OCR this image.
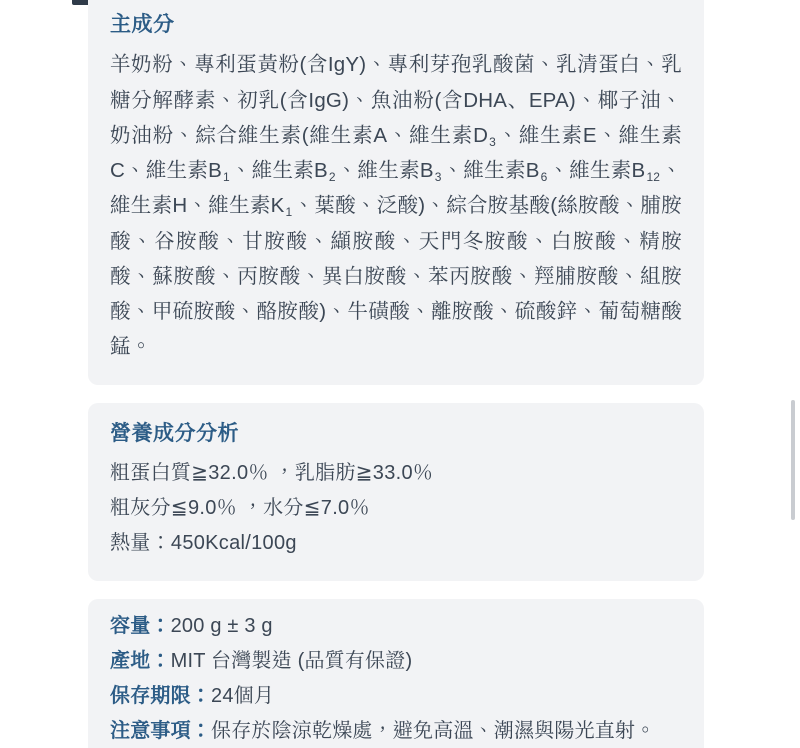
主成分
羊奶粉、專利蛋黃粉(含IgY)、專利芽孢乳酸菌、乳清蛋白、乳糖分解酵素、初乳(含IgG)、魚油粉(含DHA、EPA)、椰子油、奶油粉、綜合維生素(維生素A、維生素$D_3$、維生素E、維生素C、維生素$B_1$、維生素$B_2$、維生素$B_3$、維生素$B_6$、維生素$B_{12}$、維生素H、維生素$K_1$、葉酸、泛酸)、綜合胺基酸(絲胺酸、脯胺酸、谷胺酸、甘胺酸、纈胺酸、天門冬胺酸、白胺酸、精胺酸、蘇胺酸、丙胺酸、異白胺酸、苯丙胺酸、羥脯胺酸、組胺酸、甲硫胺酸、酪胺酸)、牛磺酸、離胺酸、硫酸鋅、葡萄糖酸錳。
營養成分分析
粗蛋白質≧32.0％ ，乳脂肪≧33.0％
粗灰分≦9.0％ ，水分≦7.0％
熱量：450Kcal/100g
容量：200 g ± 3 g
產地：MIT 台灣製造 (品質有保證)
保存期限：24個月
注意事項：保存於陰涼乾燥處，避免高溫、潮濕與陽光直射。
